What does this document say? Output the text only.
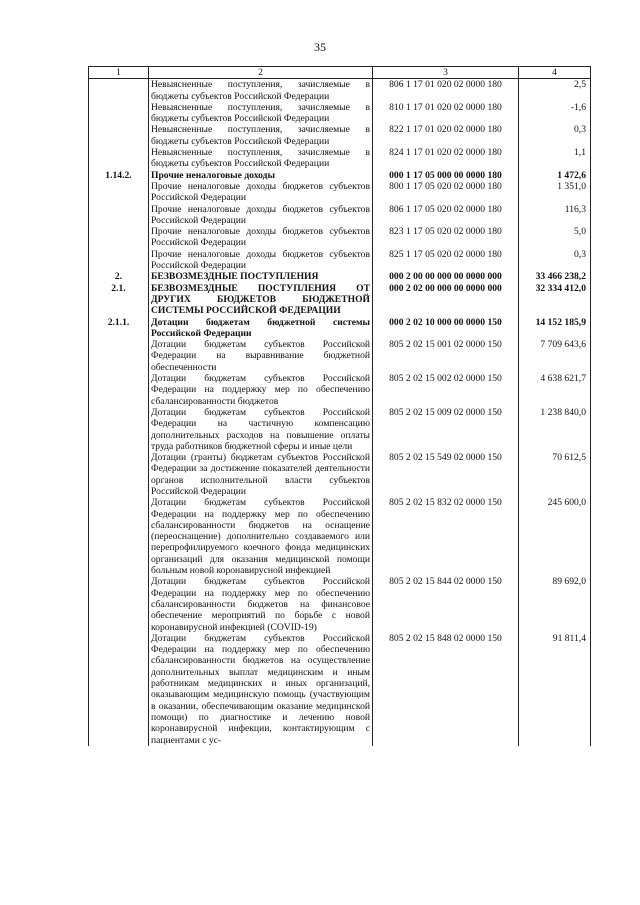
35
1	2	3	4
	Невыясненные поступления, зачисляемые в бюджеты субъектов Российской Федерации	806 1 17 01 020 02 0000 180	2,5
	Невыясненные поступления, зачисляемые в бюджеты субъектов Российской Федерации	810 1 17 01 020 02 0000 180	-1,6
	Невыясненные поступления, зачисляемые в бюджеты субъектов Российской Федерации	822 1 17 01 020 02 0000 180	0,3
	Невыясненные поступления, зачисляемые в бюджеты субъектов Российской Федерации	824 1 17 01 020 02 0000 180	1,1
1.14.2.	Прочие неналоговые доходы	000 1 17 05 000 00 0000 180	1 472,6
	Прочие неналоговые доходы бюджетов субъектов Российской Федерации	800 1 17 05 020 02 0000 180	1 351,0
	Прочие неналоговые доходы бюджетов субъектов Российской Федерации	806 1 17 05 020 02 0000 180	116,3
	Прочие неналоговые доходы бюджетов субъектов Российской Федерации	823 1 17 05 020 02 0000 180	5,0
	Прочие неналоговые доходы бюджетов субъектов Российской Федерации	825 1 17 05 020 02 0000 180	0,3
2.	БЕЗВОЗМЕЗДНЫЕ ПОСТУПЛЕНИЯ	000 2 00 00 000 00 0000 000	33 466 238,2
2.1.	БЕЗВОЗМЕЗДНЫЕ ПОСТУПЛЕНИЯ ОТ ДРУГИХ БЮДЖЕТОВ БЮДЖЕТНОЙ СИСТЕМЫ РОССИЙСКОЙ ФЕДЕРАЦИИ	000 2 02 00 000 00 0000 000	32 334 412,0
2.1.1.	Дотации бюджетам бюджетной системы Российской Федерации	000 2 02 10 000 00 0000 150	14 152 185,9
	Дотации бюджетам субъектов Российской Федерации на выравнивание бюджетной обеспеченности	805 2 02 15 001 02 0000 150	7 709 643,6
	Дотации бюджетам субъектов Российской Федерации на поддержку мер по обеспечению сбалансированности бюджетов	805 2 02 15 002 02 0000 150	4 638 621,7
	Дотации бюджетам субъектов Российской Федерации на частичную компенсацию дополнительных расходов на повышение оплаты труда работников бюджетной сферы и иные цели	805 2 02 15 009 02 0000 150	1 238 840,0
	Дотации (гранты) бюджетам субъектов Российской Федерации за достижение показателей деятельности органов исполнительной власти субъектов Российской Федерации	805 2 02 15 549 02 0000 150	70 612,5
	Дотации бюджетам субъектов Российской Федерации на поддержку мер по обеспечению сбалансированности бюджетов на оснащение (переоснащение) дополнительно создаваемого или перепрофилируемого коечного фонда медицинских организаций для оказания медицинской помощи больным новой коронавирусной инфекцией	805 2 02 15 832 02 0000 150	245 600,0
	Дотации бюджетам субъектов Российской Федерации на поддержку мер по обеспечению сбалансированности бюджетов на финансовое обеспечение мероприятий по борьбе с новой коронавирусной инфекцией (COVID-19)	805 2 02 15 844 02 0000 150	89 692,0
	Дотации бюджетам субъектов Российской Федерации на поддержку мер по обеспечению сбалансированности бюджетов на осуществление дополнительных выплат медицинским и иным работникам медицинских и иных организаций, оказывающим медицинскую помощь (участвующим в оказании, обеспечивающим оказание медицинской помощи) по диагностике и лечению новой коронавирусной инфекции, контактирующим с пациентами с ус-	805 2 02 15 848 02 0000 150	91 811,4
